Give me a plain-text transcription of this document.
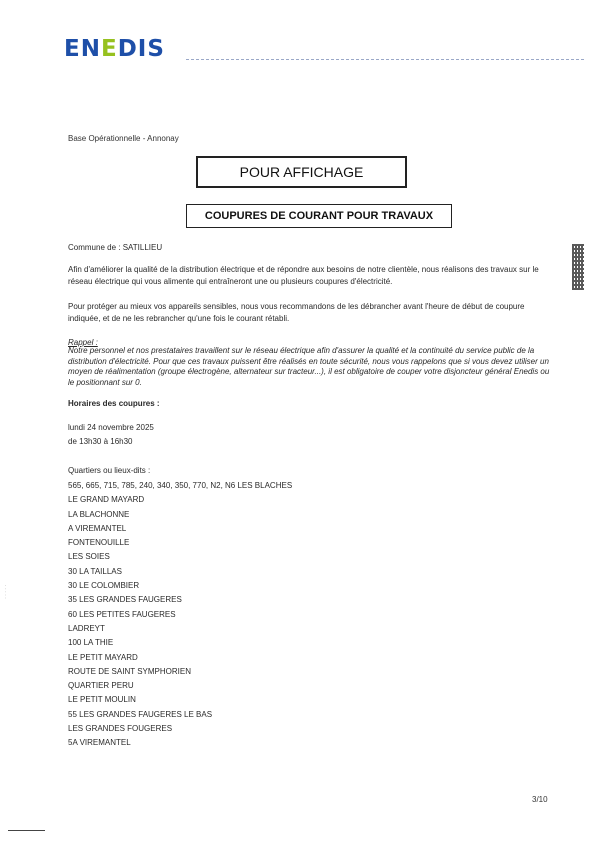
ENEDIS
Base Opérationnelle - Annonay
POUR AFFICHAGE
COUPURES DE COURANT POUR TRAVAUX
Commune de : SATILLIEU
Afin d'améliorer la qualité de la distribution électrique et de répondre aux besoins de notre clientèle, nous réalisons des travaux sur le réseau électrique qui vous alimente qui entraîneront une ou plusieurs coupures d'électricité.
Pour protéger au mieux vos appareils sensibles, nous vous recommandons de les débrancher avant l'heure de début de coupure indiquée, et de ne les rebrancher qu'une fois le courant rétabli.
Rappel :
Notre personnel et nos prestataires travaillent sur le réseau électrique afin d'assurer la qualité et la continuité du service public de la distribution d'électricité. Pour que ces travaux puissent être réalisés en toute sécurité, nous vous rappelons que si vous devez utiliser un moyen de réalimentation (groupe électrogène, alternateur sur tracteur...), il est obligatoire de couper votre disjoncteur général Enedis ou le positionnant sur 0.
Horaires des coupures :
lundi 24 novembre 2025
de 13h30 à 16h30
Quartiers ou lieux-dits :
565, 665, 715, 785, 240, 340, 350, 770, N2, N6 LES BLACHES
LE GRAND MAYARD
LA BLACHONNE
A VIREMANTEL
FONTENOUILLE
LES SOIES
30 LA TAILLAS
30 LE COLOMBIER
35 LES GRANDES FAUGERES
60 LES PETITES FAUGERES
LADREYT
100 LA THIE
LE PETIT MAYARD
ROUTE DE SAINT SYMPHORIEN
QUARTIER PERU
LE PETIT MOULIN
55 LES GRANDES FAUGERES LE BAS
LES GRANDES FOUGERES
5A VIREMANTEL
· · · · ·
3/10
